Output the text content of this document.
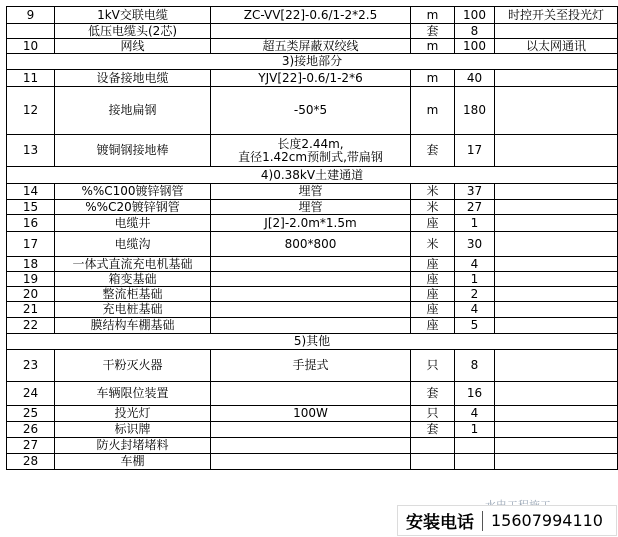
9	1kV交联电缆	ZC-VV[22]-0.6/1-2*2.5	m	100	时控开关至投光灯
	低压电缆头(2芯)		套	8	
10	网线	超五类屏蔽双绞线	m	100	以太网通讯
3)接地部分					
11	设备接地电缆	YJV[22]-0.6/1-2*6	m	40	
12	接地扁钢	-50*5	m	180	
13	镀铜钢接地棒	长度2.44m,
直径1.42cm预制式,带扁钢	套	17	
4)0.38kV土建通道					
14	%%C100镀锌钢管	埋管	米	37	
15	%%C20镀锌钢管	埋管	米	27	
16	电缆井	J[2]-2.0m*1.5m	座	1	
17	电缆沟	800*800	米	30	
18	一体式直流充电机基础		座	4	
19	箱变基础		座	1	
20	整流柜基础		座	2	
21	充电桩基础		座	4	
22	膜结构车棚基础		座	5	
5)其他					
23	干粉灭火器	手提式	只	8	
24	车辆限位装置		套	16	
25	投光灯	100W	只	4	
26	标识牌		套	1	
27	防火封堵堵料				
28	车棚				
安装电话 15607994110
